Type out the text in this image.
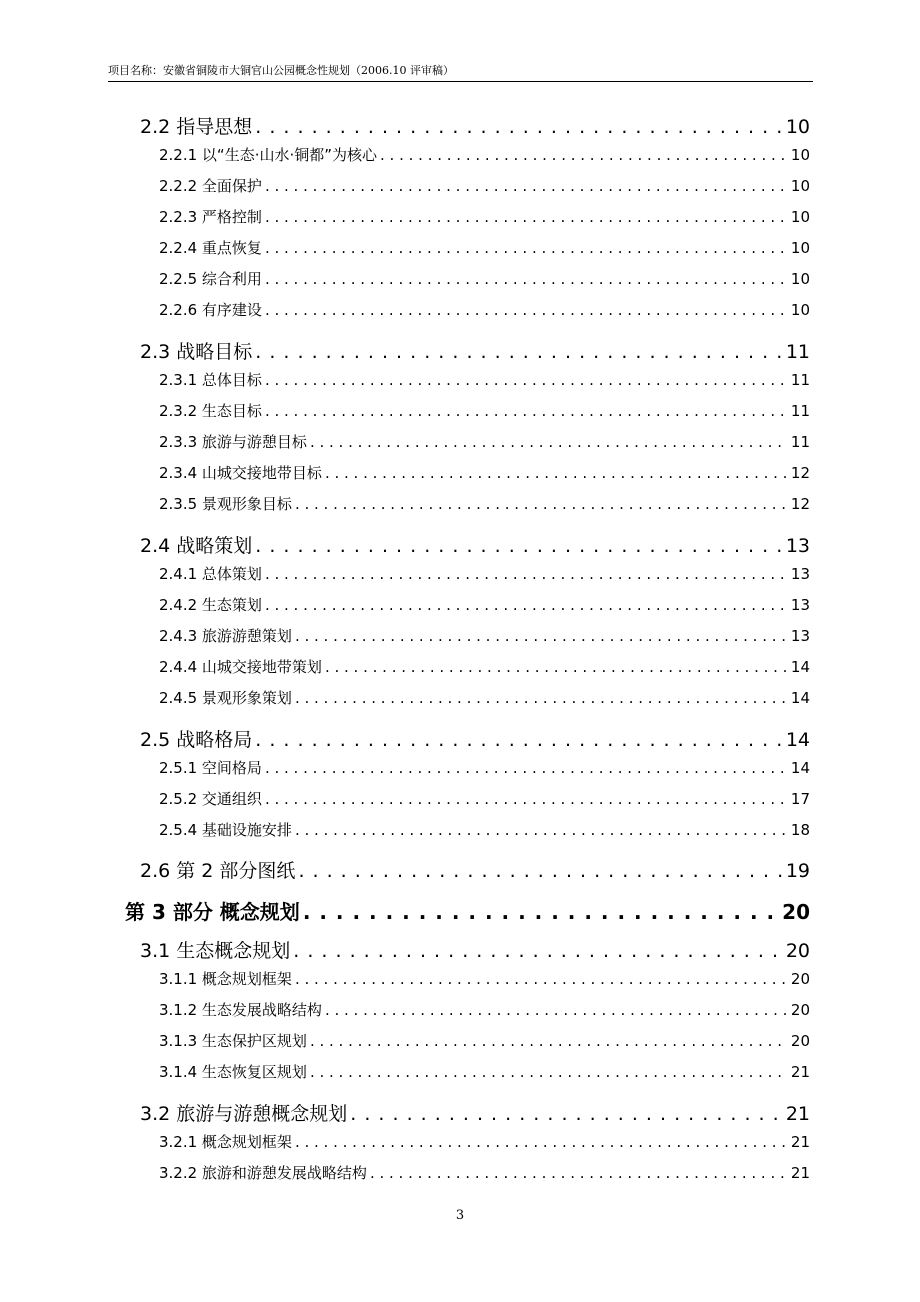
项目名称：安徽省铜陵市大铜官山公园概念性规划（2006.10 评审稿）
2.2 指导思想 . . .	10
2.2.1 以“生态·山水·铜都”为核心 . . .	10
2.2.2 全面保护 . . .	10
2.2.3 严格控制 . . .	10
2.2.4 重点恢复 . . .	10
2.2.5 综合利用 . . .	10
2.2.6 有序建设 . . .	10
2.3 战略目标 . . .	11
2.3.1 总体目标 . . .	11
2.3.2 生态目标 . . .	11
2.3.3 旅游与游憩目标 . . .	11
2.3.4 山城交接地带目标 . . .	12
2.3.5 景观形象目标 . . .	12
2.4 战略策划 . . .	13
2.4.1 总体策划 . . .	13
2.4.2 生态策划 . . .	13
2.4.3 旅游游憩策划 . . .	13
2.4.4 山城交接地带策划 . . .	14
2.4.5 景观形象策划 . . .	14
2.5 战略格局 . . .	14
2.5.1 空间格局 . . .	14
2.5.2 交通组织 . . .	17
2.5.4 基础设施安排 . . .	18
2.6 第 2 部分图纸 . . .	19
第 3 部分 概念规划 . . .	20
3.1 生态概念规划 . . .	20
3.1.1 概念规划框架 . . .	20
3.1.2 生态发展战略结构 . . .	20
3.1.3 生态保护区规划 . . .	20
3.1.4 生态恢复区规划 . . .	21
3.2 旅游与游憩概念规划 . . .	21
3.2.1 概念规划框架 . . .	21
3.2.2 旅游和游憩发展战略结构 . . .	21
3
